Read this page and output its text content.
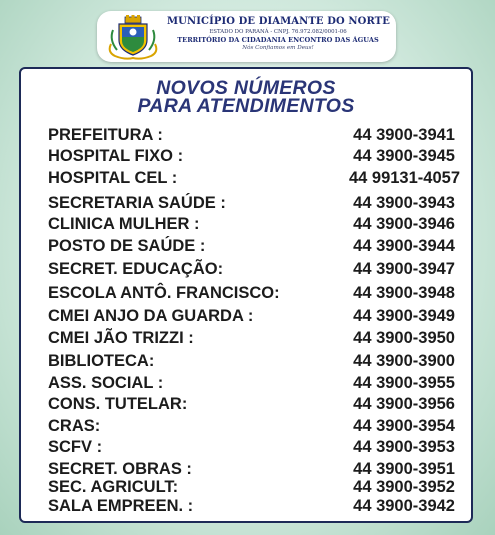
MUNICÍPIO DE DIAMANTE DO NORTE
ESTADO DO PARANÁ - CNPJ. 76.972.082/0001-06
TERRITÓRIO DA CIDADANIA ENCONTRO DAS ÁGUAS
Nós Confiamos em Deus!
NOVOS NÚMEROS
PARA ATENDIMENTOS
PREFEITURA :	44 3900-3941
HOSPITAL FIXO :	44 3900-3945
HOSPITAL CEL :	44 99131-4057
SECRETARIA SAÚDE :	44 3900-3943
CLINICA MULHER :	44 3900-3946
POSTO DE SAÚDE :	44 3900-3944
SECRET. EDUCAÇÃO:	44 3900-3947
ESCOLA ANTÔ. FRANCISCO:	44 3900-3948
CMEI ANJO DA GUARDA :	44 3900-3949
CMEI JÃO TRIZZI :	44 3900-3950
BIBLIOTECA:	44 3900-3900
ASS. SOCIAL :	44 3900-3955
CONS. TUTELAR:	44 3900-3956
CRAS:	44 3900-3954
SCFV :	44 3900-3953
SECRET. OBRAS :	44 3900-3951
SEC. AGRICULT:	44 3900-3952
SALA EMPREEN. :	44 3900-3942
